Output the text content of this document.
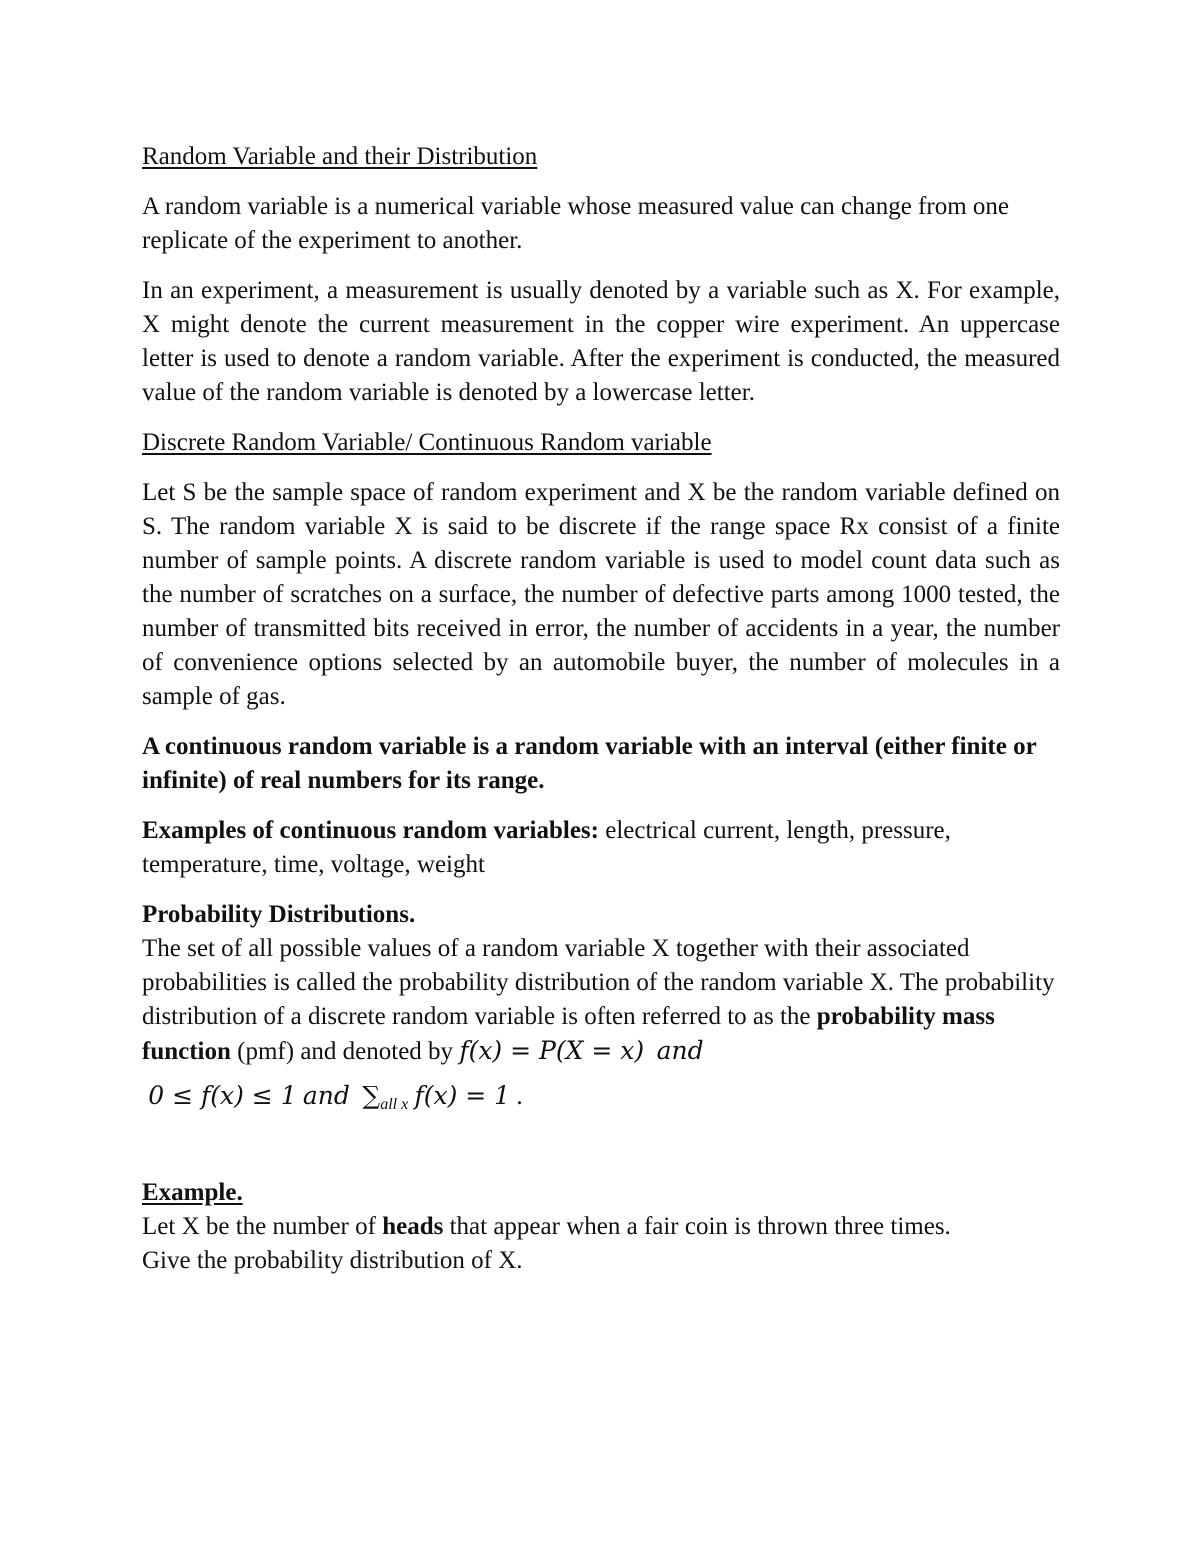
Random Variable and their Distribution

A random variable is a numerical variable whose measured value can change from one replicate of the experiment to another.

In an experiment, a measurement is usually denoted by a variable such as X. For example, X might denote the current measurement in the copper wire experiment. An uppercase letter is used to denote a random variable. After the experiment is conducted, the measured value of the random variable is denoted by a lowercase letter.

Discrete Random Variable/ Continuous Random variable

Let S be the sample space of random experiment and X be the random variable defined on S. The random variable X is said to be discrete if the range space Rx consist of a finite number of sample points. A discrete random variable is used to model count data such as the number of scratches on a surface, the number of defective parts among 1000 tested, the number of transmitted bits received in error, the number of accidents in a year, the number of convenience options selected by an automobile buyer, the number of molecules in a sample of gas.

A continuous random variable is a random variable with an interval (either finite or infinite) of real numbers for its range.

Examples of continuous random variables: electrical current, length, pressure, temperature, time, voltage, weight

Probability Distributions.

The set of all possible values of a random variable X together with their associated probabilities is called the probability distribution of the random variable X. The probability distribution of a discrete random variable is often referred to as the probability mass function (pmf) and denoted by f(x) = P(X = x) and

0 ≤ f(x) ≤ 1 and $\sum_{all x}$ f(x) = 1 .

Example.

Let X be the number of heads that appear when a fair coin is thrown three times.

Give the probability distribution of X.
